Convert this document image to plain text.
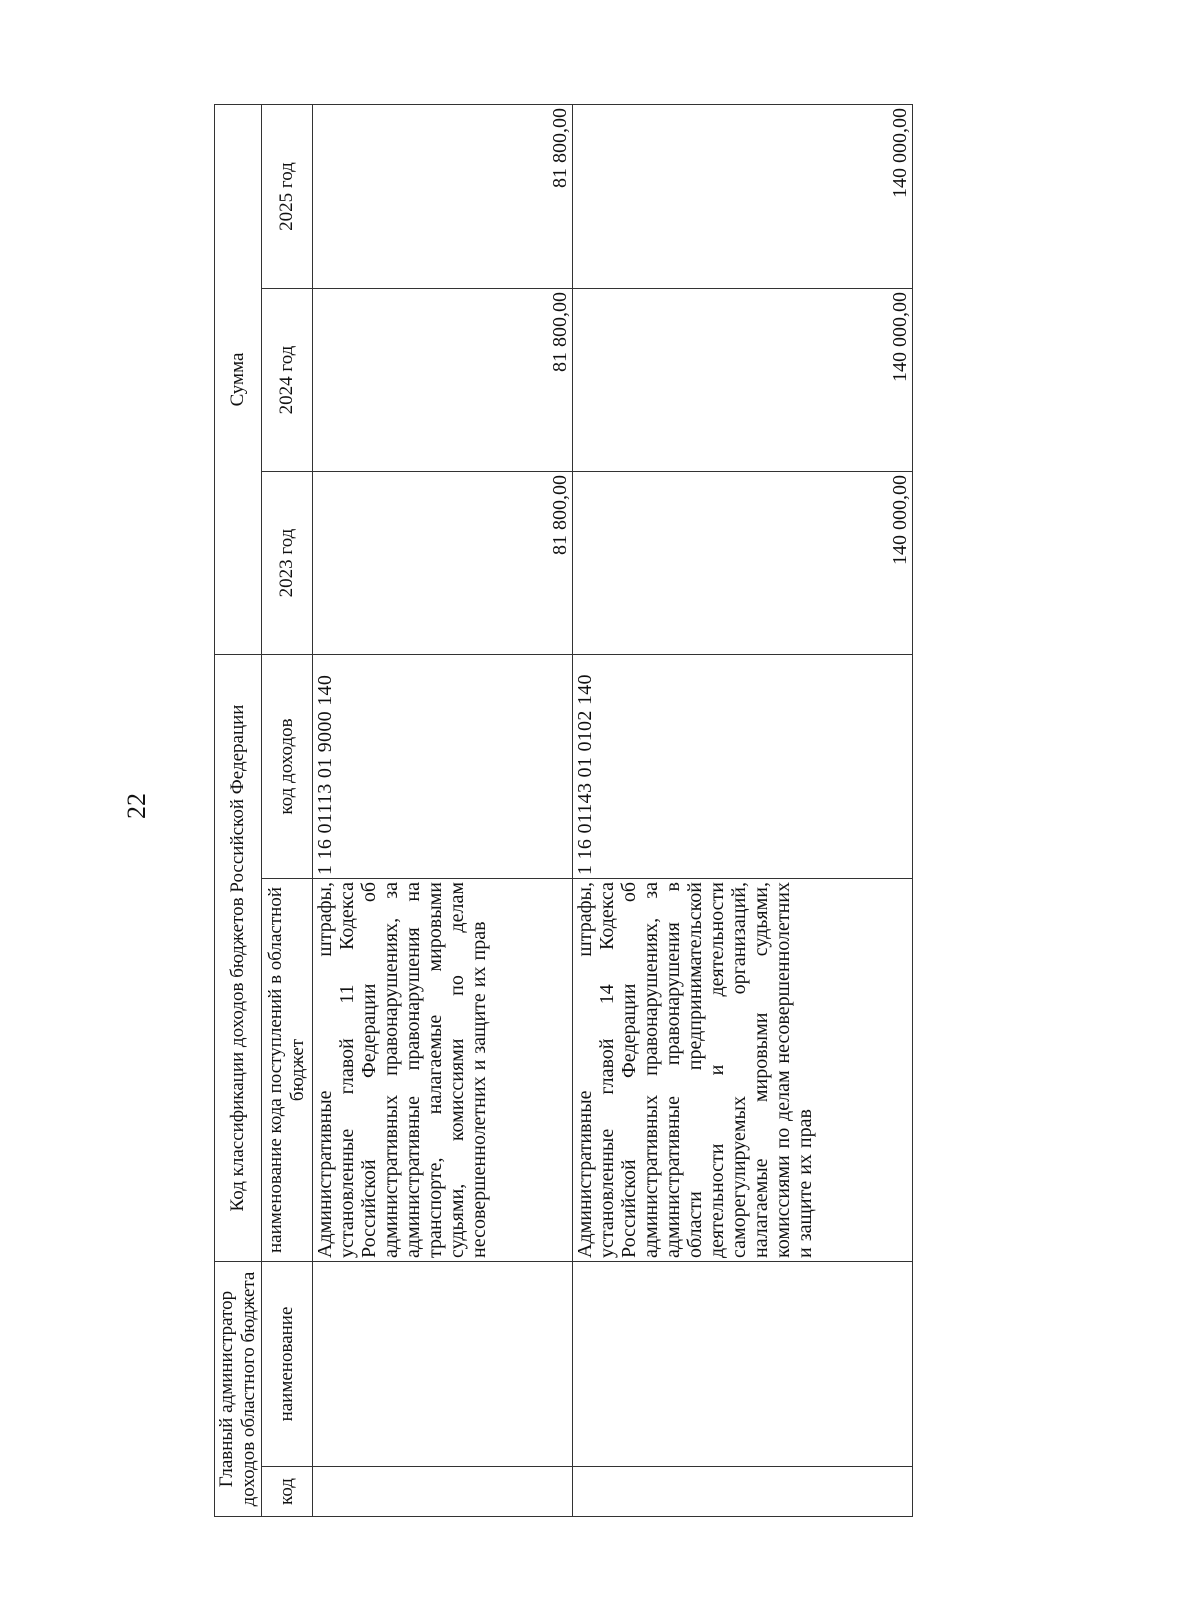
22
Главный администратор доходов областного бюджета		Код классификации доходов бюджетов Российской Федерации		Сумма		
код	наименование	наименование кода поступлений в областной бюджет	код доходов	2023 год	2024 год	2025 год
		Административные штрафы, установленные главой 11 Кодекса Российской Федерации об административных правонарушениях, за административные правонарушения на транспорте, налагаемые мировыми судьями, комиссиями по делам несовершеннолетних и защите их прав	1 16 01113 01 9000 140	81 800,00	81 800,00	81 800,00
		Административные штрафы, установленные главой 14 Кодекса Российской Федерации об административных правонарушениях, за административные правонарушения в области предпринимательской деятельности и деятельности саморегулируемых организаций, налагаемые мировыми судьями, комиссиями по делам несовершеннолетних и защите их прав	1 16 01143 01 0102 140	140 000,00	140 000,00	140 000,00
